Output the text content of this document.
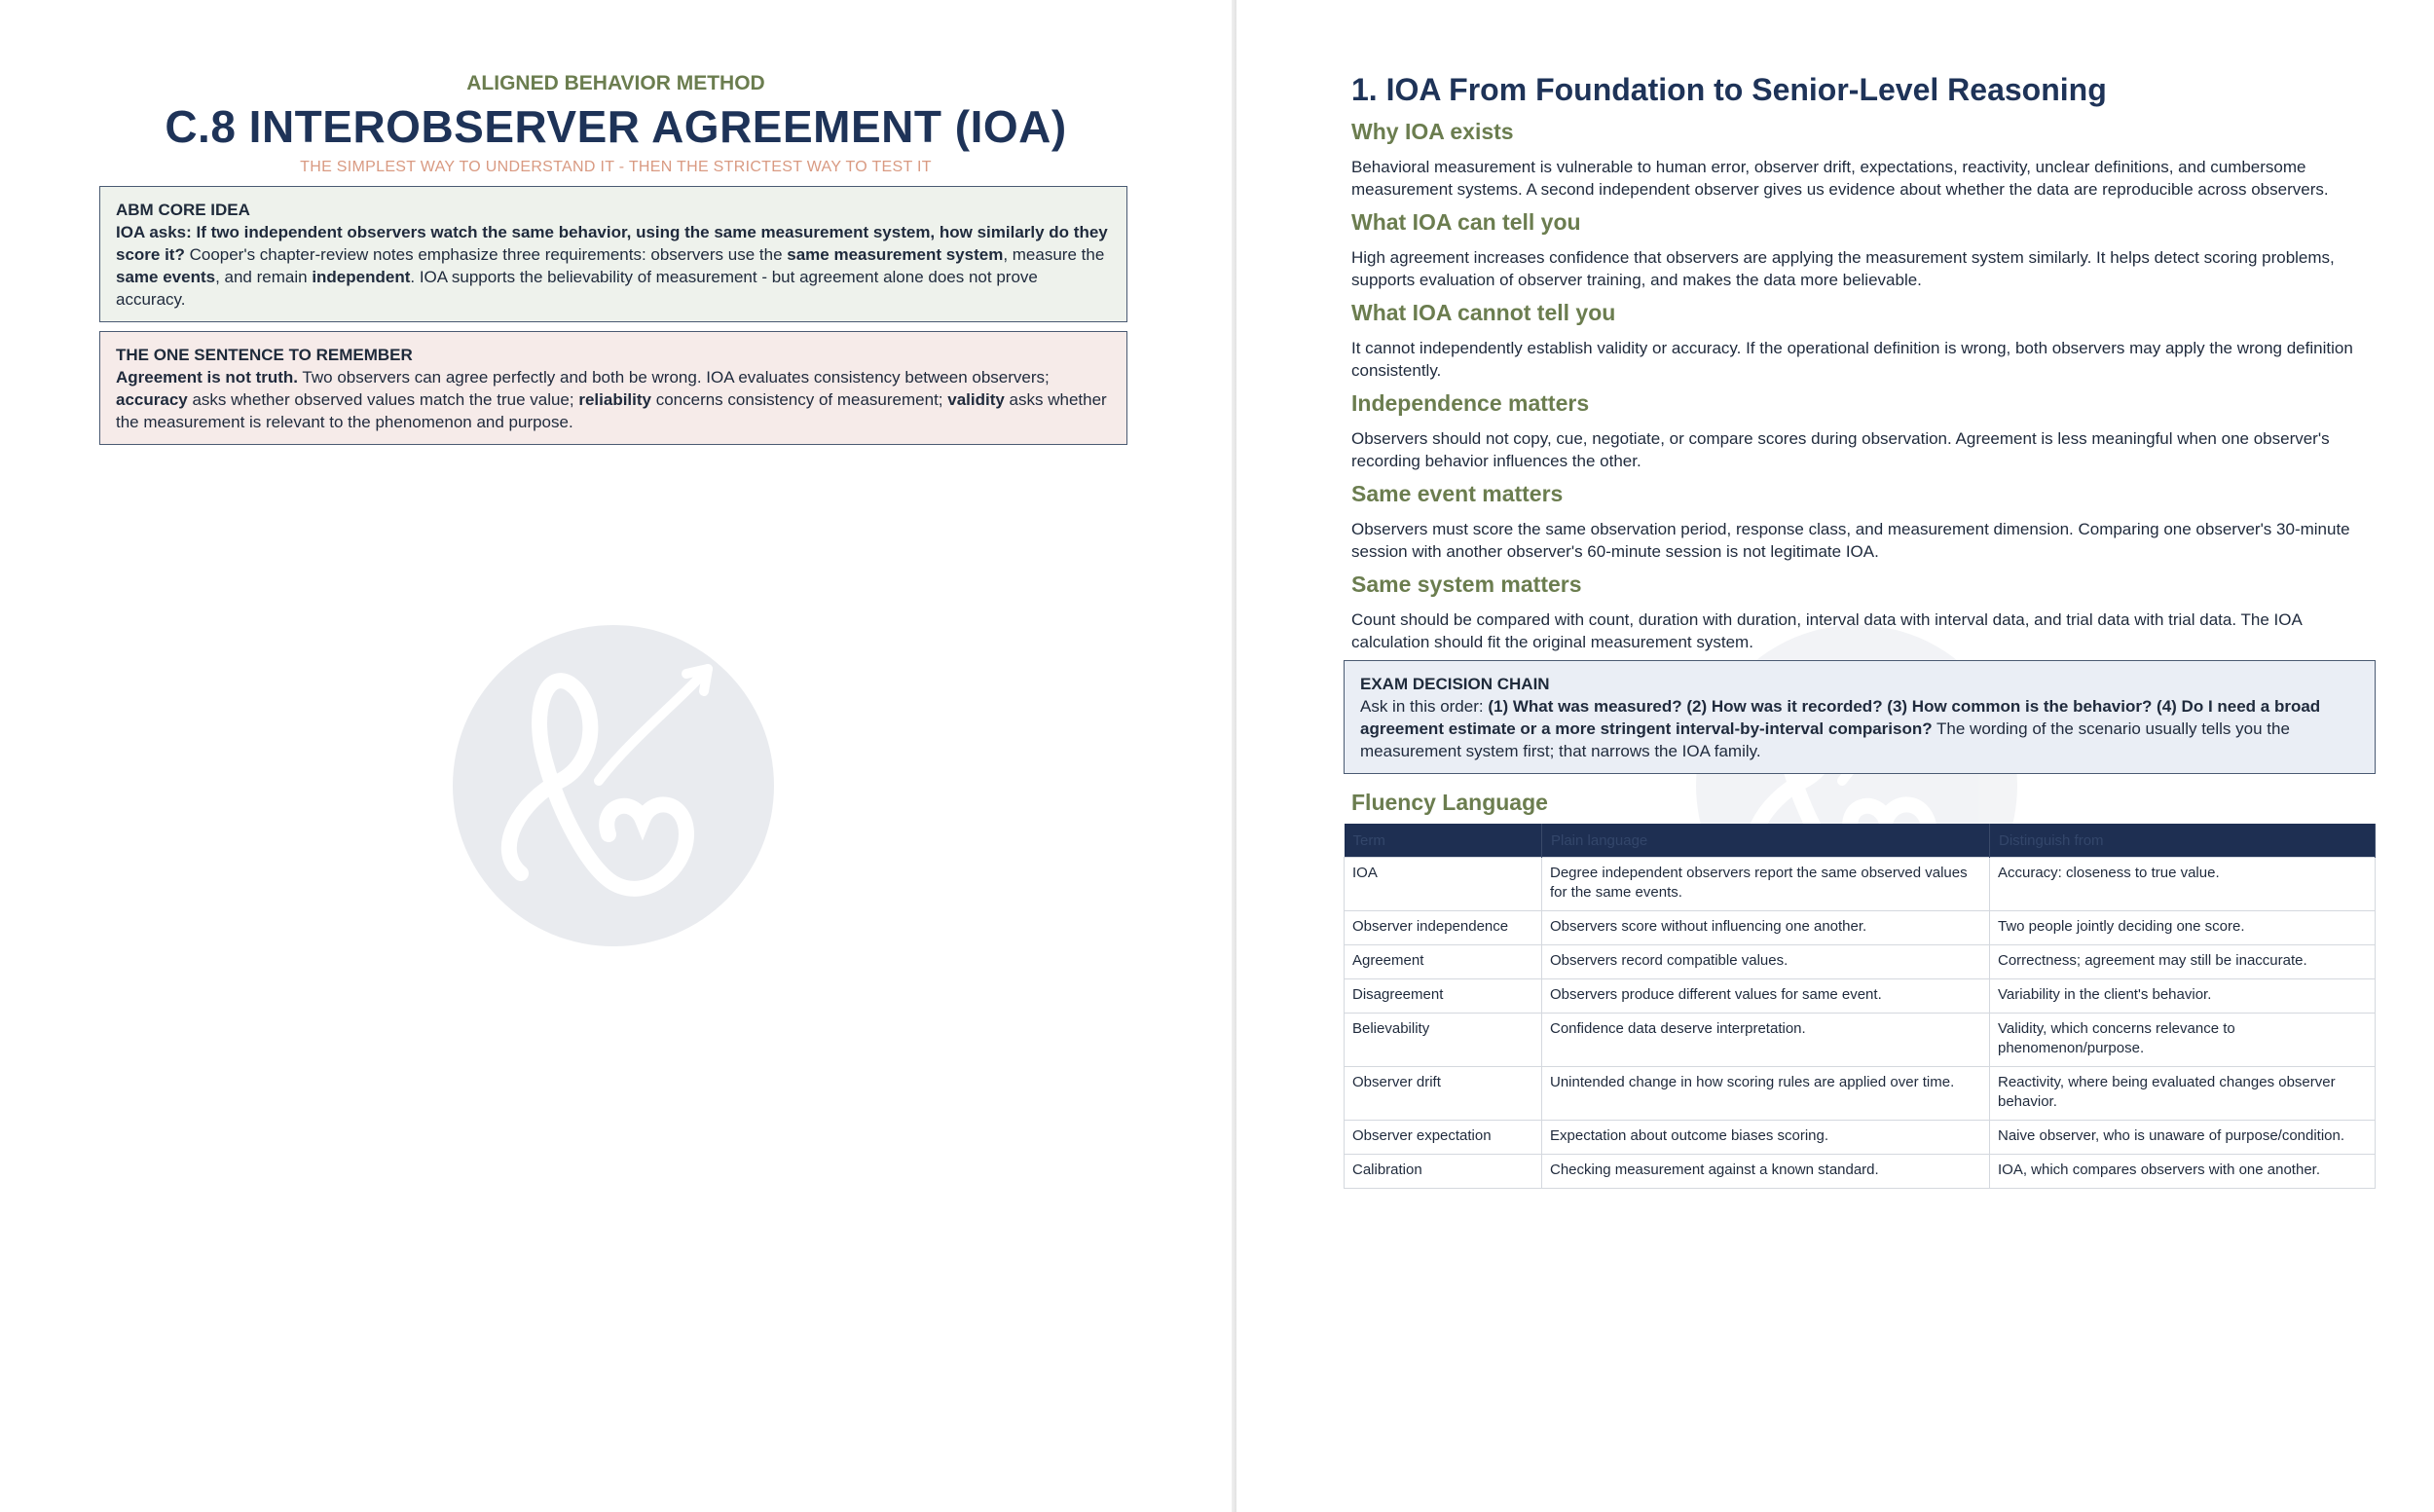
ALIGNED BEHAVIOR METHOD
C.8 INTEROBSERVER AGREEMENT (IOA)
THE SIMPLEST WAY TO UNDERSTAND IT - THEN THE STRICTEST WAY TO TEST IT
ABM CORE IDEA
IOA asks: If two independent observers watch the same behavior, using the same measurement system, how similarly do they score it? Cooper's chapter-review notes emphasize three requirements: observers use the same measurement system, measure the same events, and remain independent. IOA supports the believability of measurement - but agreement alone does not prove accuracy.
THE ONE SENTENCE TO REMEMBER
Agreement is not truth. Two observers can agree perfectly and both be wrong. IOA evaluates consistency between observers; accuracy asks whether observed values match the true value; reliability concerns consistency of measurement; validity asks whether the measurement is relevant to the phenomenon and purpose.
1. IOA From Foundation to Senior-Level Reasoning
Why IOA exists
Behavioral measurement is vulnerable to human error, observer drift, expectations, reactivity, unclear definitions, and cumbersome measurement systems. A second independent observer gives us evidence about whether the data are reproducible across observers.
What IOA can tell you
High agreement increases confidence that observers are applying the measurement system similarly. It helps detect scoring problems, supports evaluation of observer training, and makes the data more believable.
What IOA cannot tell you
It cannot independently establish validity or accuracy. If the operational definition is wrong, both observers may apply the wrong definition consistently.
Independence matters
Observers should not copy, cue, negotiate, or compare scores during observation. Agreement is less meaningful when one observer's recording behavior influences the other.
Same event matters
Observers must score the same observation period, response class, and measurement dimension. Comparing one observer's 30-minute session with another observer's 60-minute session is not legitimate IOA.
Same system matters
Count should be compared with count, duration with duration, interval data with interval data, and trial data with trial data. The IOA calculation should fit the original measurement system.
EXAM DECISION CHAIN
Ask in this order: (1) What was measured? (2) How was it recorded? (3) How common is the behavior? (4) Do I need a broad agreement estimate or a more stringent interval-by-interval comparison? The wording of the scenario usually tells you the measurement system first; that narrows the IOA family.
Fluency Language
Term	Plain language	Distinguish from
IOA	Degree independent observers report the same observed values for the same events.	Accuracy: closeness to true value.
Observer independence	Observers score without influencing one another.	Two people jointly deciding one score.
Agreement	Observers record compatible values.	Correctness; agreement may still be inaccurate.
Disagreement	Observers produce different values for same event.	Variability in the client's behavior.
Believability	Confidence data deserve interpretation.	Validity, which concerns relevance to phenomenon/purpose.
Observer drift	Unintended change in how scoring rules are applied over time.	Reactivity, where being evaluated changes observer behavior.
Observer expectation	Expectation about outcome biases scoring.	Naive observer, who is unaware of purpose/condition.
Calibration	Checking measurement against a known standard.	IOA, which compares observers with one another.
